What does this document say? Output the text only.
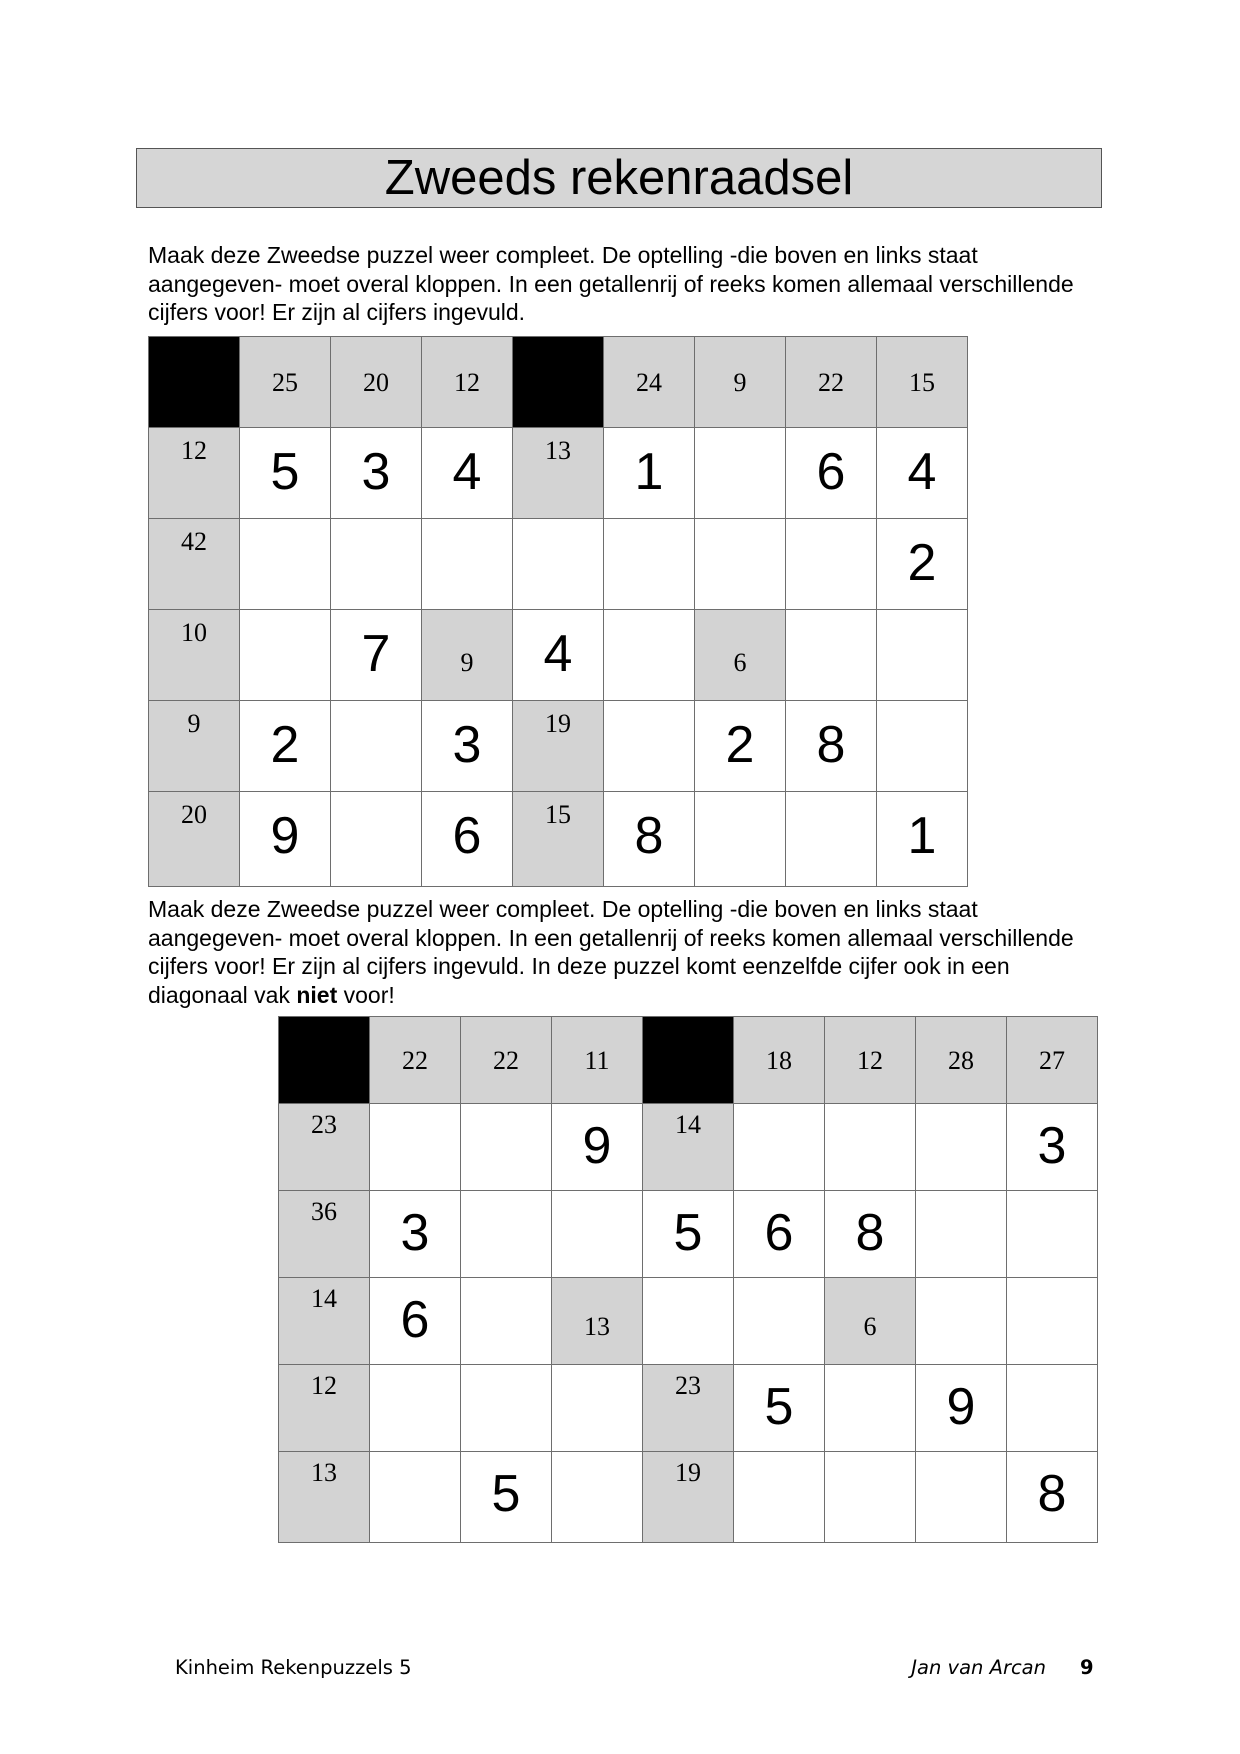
Zweeds rekenraadsel

Maak deze Zweedse puzzel weer compleet. De optelling -die boven en links staat aangegeven- moet overal kloppen. In een getallenrij of reeks komen allemaal verschillende cijfers voor! Er zijn al cijfers ingevuld.

	25	20	12		24	9	22	15

12	5	3	4	13	1		6	4

42								2

10		7	9	4		6		

9	2		3	19		2	8	

20	9		6	15	8			1

Maak deze Zweedse puzzel weer compleet. De optelling -die boven en links staat aangegeven- moet overal kloppen. In een getallenrij of reeks komen allemaal verschillende cijfers voor! Er zijn al cijfers ingevuld. In deze puzzel komt eenzelfde cijfer ook in een diagonaal vak niet voor!

	22	22	11		18	12	28	27

23			9	14				3

36	3			5	6	8		

14	6		13			6		

12				23	5		9	

13		5		19				8
Kinheim Rekenpuzzels 5	Jan van Arcan 9
